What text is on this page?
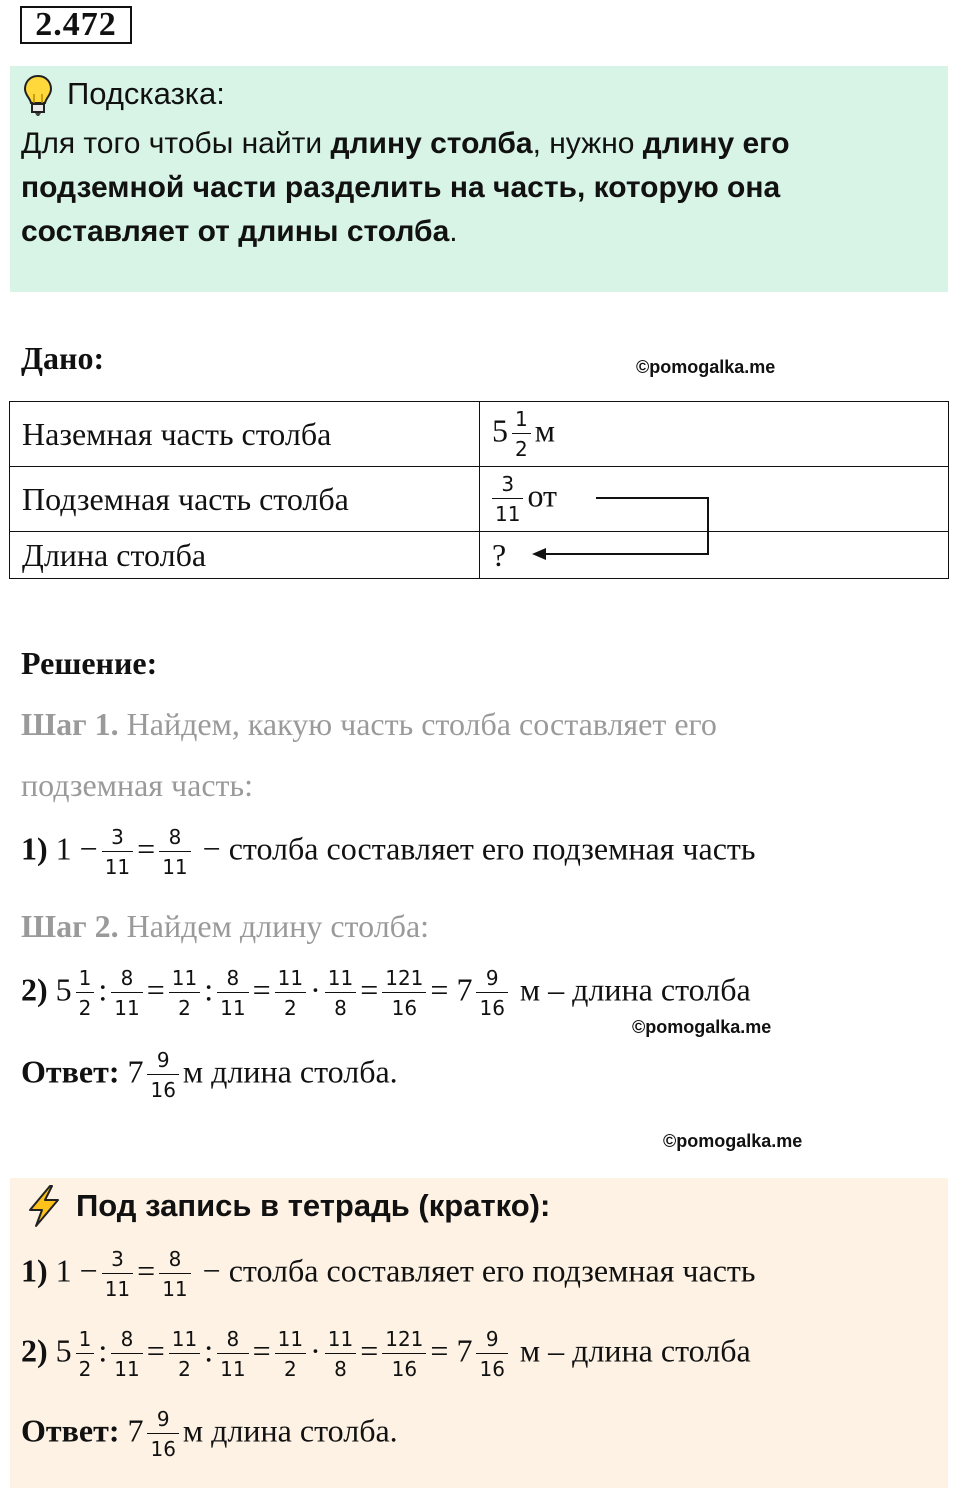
2.472
Подсказка:
Для того чтобы найти длину столба, нужно длину его подземной части разделить на часть, которую она составляет от длины столба.
Дано:	©pomogalka.me
Наземная часть столба	$5 \frac{1}{2}$ м
Подземная часть столба	$\frac{3}{11}$ от
Длина столба	?
Решение:
Шаг 1. Найдем, какую часть столба составляет его
подземная часть:
1) $1 - \frac{3}{11} = \frac{8}{11}$ − столба составляет его подземная часть
Шаг 2. Найдем длину столба:
2) $5 \frac{1}{2}$ : $\frac{8}{11} = \frac{11}{2}$ : $\frac{8}{11} = \frac{11}{2} \cdot \frac{11}{8} = \frac{121}{16} = 7 \frac{9}{16}$ м – длина столба
©pomogalka.me
Ответ: $7 \frac{9}{16}$ м длина столба.
©pomogalka.me
Под запись в тетрадь (кратко):
1) $1 - \frac{3}{11} = \frac{8}{11}$ − столба составляет его подземная часть
2) $5 \frac{1}{2}$ : $\frac{8}{11} = \frac{11}{2}$ : $\frac{8}{11} = \frac{11}{2} \cdot \frac{11}{8} = \frac{121}{16} = 7 \frac{9}{16}$ м – длина столба
Ответ: $7 \frac{9}{16}$ м длина столба.
